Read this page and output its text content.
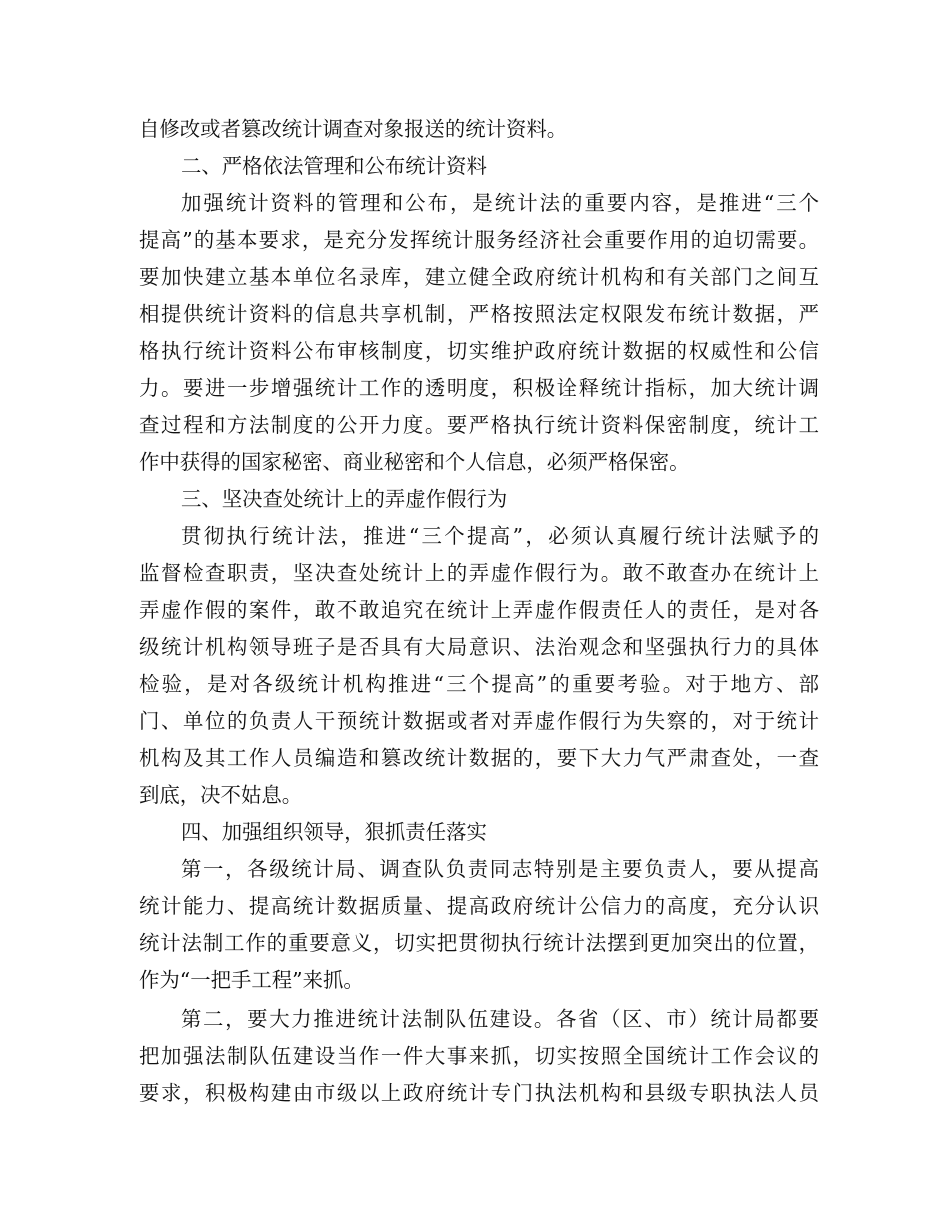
自修改或者篡改统计调查对象报送的统计资料。

二、严格依法管理和公布统计资料

加强统计资料的管理和公布，是统计法的重要内容，是推进“三个

提高”的基本要求，是充分发挥统计服务经济社会重要作用的迫切需要。

要加快建立基本单位名录库，建立健全政府统计机构和有关部门之间互

相提供统计资料的信息共享机制，严格按照法定权限发布统计数据，严

格执行统计资料公布审核制度，切实维护政府统计数据的权威性和公信

力。要进一步增强统计工作的透明度，积极诠释统计指标，加大统计调

查过程和方法制度的公开力度。要严格执行统计资料保密制度，统计工

作中获得的国家秘密、商业秘密和个人信息，必须严格保密。

三、坚决查处统计上的弄虚作假行为

贯彻执行统计法，推进“三个提高”，必须认真履行统计法赋予的

监督检查职责，坚决查处统计上的弄虚作假行为。敢不敢查办在统计上

弄虚作假的案件，敢不敢追究在统计上弄虚作假责任人的责任，是对各

级统计机构领导班子是否具有大局意识、法治观念和坚强执行力的具体

检验，是对各级统计机构推进“三个提高”的重要考验。对于地方、部

门、单位的负责人干预统计数据或者对弄虚作假行为失察的，对于统计

机构及其工作人员编造和篡改统计数据的，要下大力气严肃查处，一查

到底，决不姑息。

四、加强组织领导，狠抓责任落实

第一，各级统计局、调查队负责同志特别是主要负责人，要从提高

统计能力、提高统计数据质量、提高政府统计公信力的高度，充分认识

统计法制工作的重要意义，切实把贯彻执行统计法摆到更加突出的位置，

作为“一把手工程”来抓。

第二，要大力推进统计法制队伍建设。各省（区、市）统计局都要

把加强法制队伍建设当作一件大事来抓，切实按照全国统计工作会议的

要求，积极构建由市级以上政府统计专门执法机构和县级专职执法人员
